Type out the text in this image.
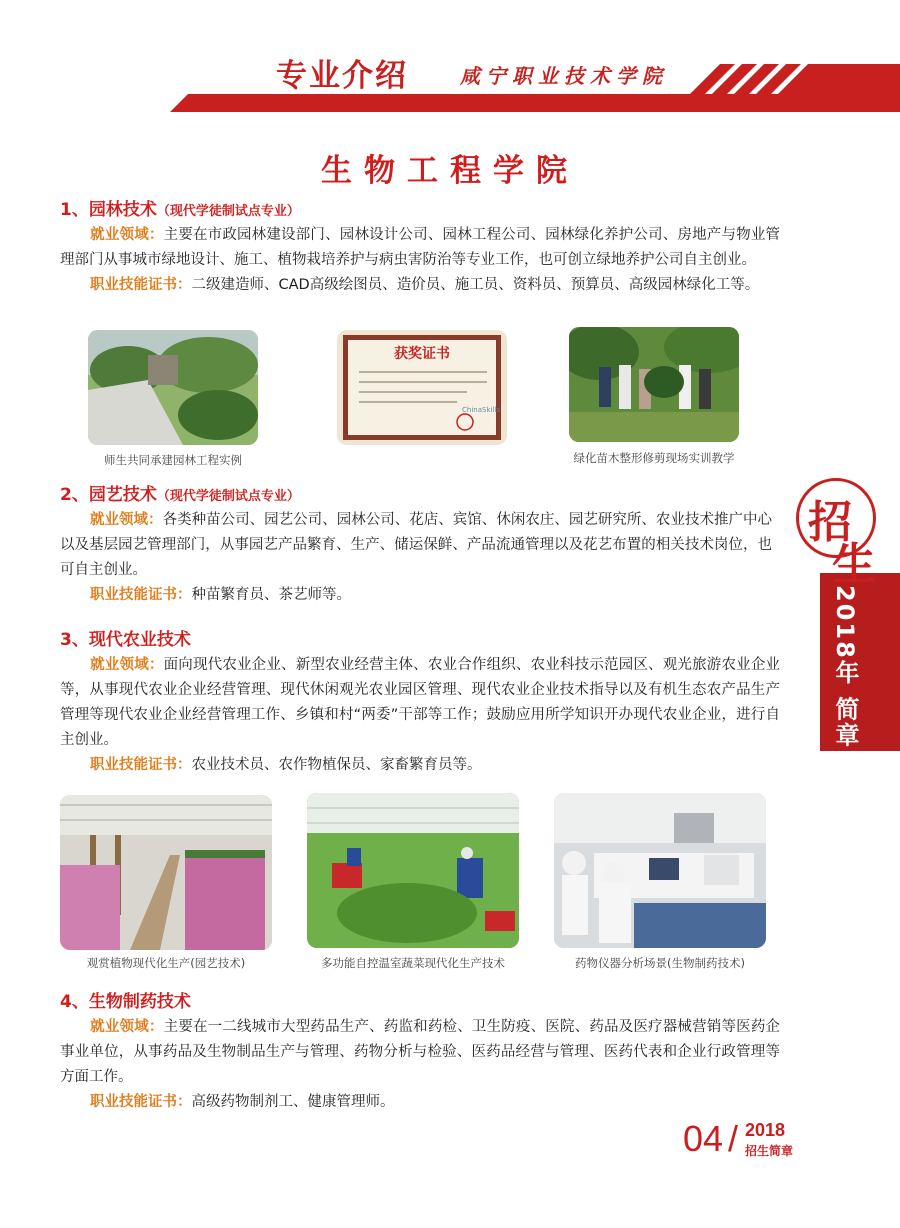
专业介绍	咸宁职业技术学院
生物工程学院
1、园林技术（现代学徒制试点专业）

就业领域：主要在市政园林建设部门、园林设计公司、园林工程公司、园林绿化养护公司、房地产与物业管理部门从事城市绿地设计、施工、植物栽培养护与病虫害防治等专业工作，也可创立绿地养护公司自主创业。

职业技能证书：二级建造师、CAD高级绘图员、造价员、施工员、资料员、预算员、高级园林绿化工等。

师生共同承建园林工程实例
获奖证书
ChinaSkills
绿化苗木整形修剪现场实训教学
2、园艺技术（现代学徒制试点专业）

就业领域：各类种苗公司、园艺公司、园林公司、花店、宾馆、休闲农庄、园艺研究所、农业技术推广中心以及基层园艺管理部门，从事园艺产品繁育、生产、储运保鲜、产品流通管理以及花艺布置的相关技术岗位，也可自主创业。

职业技能证书：种苗繁育员、茶艺师等。

3、现代农业技术

就业领域：面向现代农业企业、新型农业经营主体、农业合作组织、农业科技示范园区、观光旅游农业企业等，从事现代农业企业经营管理、现代休闲观光农业园区管理、现代农业企业技术指导以及有机生态农产品生产管理等现代农业企业经营管理工作、乡镇和村“两委”干部等工作；鼓励应用所学知识开办现代农业企业，进行自主创业。

职业技能证书：农业技术员、农作物植保员、家畜繁育员等。

观赏植物现代化生产(园艺技术)	多功能自控温室蔬菜现代化生产技术	药物仪器分析场景(生物制药技术)
4、生物制药技术

就业领域：主要在一二线城市大型药品生产、药监和药检、卫生防疫、医院、药品及医疗器械营销等医药企事业单位，从事药品及生物制品生产与管理、药物分析与检验、医药品经营与管理、医药代表和企业行政管理等方面工作。

职业技能证书：高级药物制剂工、健康管理师。

招
生
2018年 简章
04 / 2018
招生简章
